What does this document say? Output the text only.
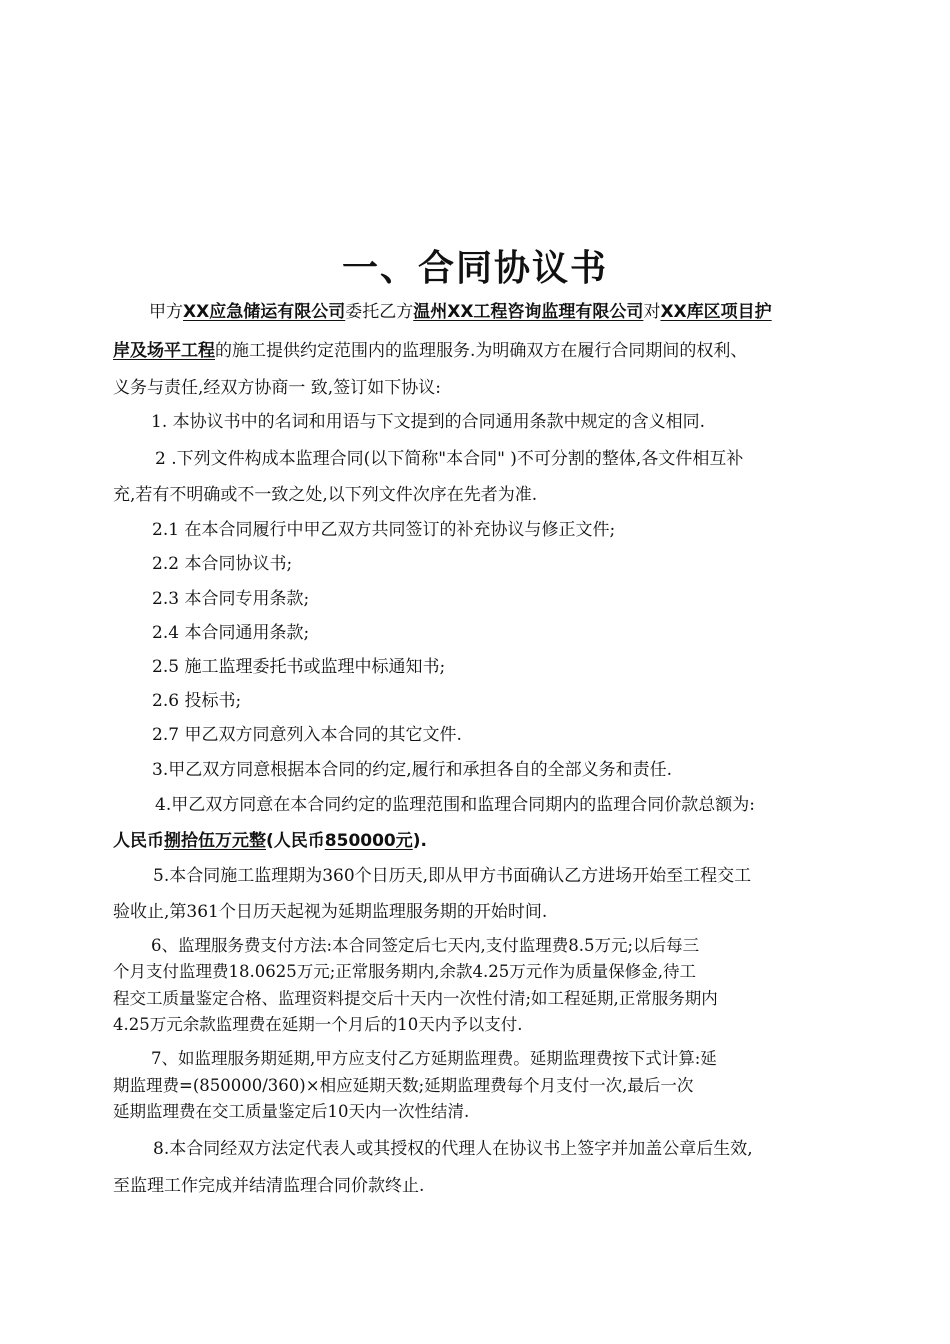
一、合同协议书
甲方XX应急储运有限公司委托乙方温州XX工程咨询监理有限公司对XX库区项目护
岸及场平工程的施工提供约定范围内的监理服务.为明确双方在履行合同期间的权利、
义务与责任,经双方协商一 致,签订如下协议:
1. 本协议书中的名词和用语与下文提到的合同通用条款中规定的含义相同.
2 .下列文件构成本监理合同(以下简称"本合同" )不可分割的整体,各文件相互补
充,若有不明确或不一致之处,以下列文件次序在先者为准.
2.1 在本合同履行中甲乙双方共同签订的补充协议与修正文件;
2.2 本合同协议书;
2.3 本合同专用条款;
2.4 本合同通用条款;
2.5 施工监理委托书或监理中标通知书;
2.6 投标书;
2.7 甲乙双方同意列入本合同的其它文件.
3.甲乙双方同意根据本合同的约定,履行和承担各自的全部义务和责任.
4.甲乙双方同意在本合同约定的监理范围和监理合同期内的监理合同价款总额为:
人民币捌拾伍万元整(人民币850000元).
5.本合同施工监理期为360个日历天,即从甲方书面确认乙方进场开始至工程交工
验收止,第361个日历天起视为延期监理服务期的开始时间.
6、监理服务费支付方法:本合同签定后七天内,支付监理费8.5万元;以后每三
个月支付监理费18.0625万元;正常服务期内,余款4.25万元作为质量保修金,待工
程交工质量鉴定合格、监理资料提交后十天内一次性付清;如工程延期,正常服务期内
4.25万元余款监理费在延期一个月后的10天内予以支付.
7、如监理服务期延期,甲方应支付乙方延期监理费。延期监理费按下式计算:延
期监理费=(850000/360)×相应延期天数;延期监理费每个月支付一次,最后一次
延期监理费在交工质量鉴定后10天内一次性结清.
8.本合同经双方法定代表人或其授权的代理人在协议书上签字并加盖公章后生效,
至监理工作完成并结清监理合同价款终止.
